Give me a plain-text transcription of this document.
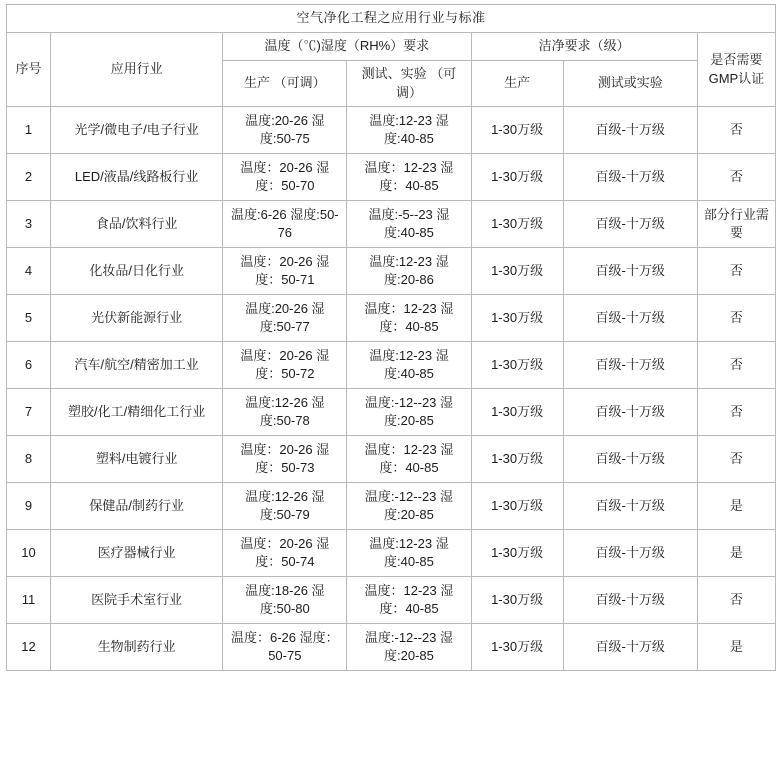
空气净化工程之应用行业与标准						
序号	应用行业	温度（℃)湿度（RH%）要求		洁净要求（级）		是否需要GMP认证
		生产 （可调）	测试、实验 （可调）	生产	测试或实验	
1	光学/微电子/电子行业	温度:20-26 湿度:50-75	温度:12-23 湿度:40-85	1-30万级	百级-十万级	否
2	LED/液晶/线路板行业	温度：20-26 湿度：50-70	温度：12-23 湿度：40-85	1-30万级	百级-十万级	否
3	食品/饮料行业	温度:6-26 湿度:50-76	温度:-5--23 湿度:40-85	1-30万级	百级-十万级	部分行业需要
4	化妆品/日化行业	温度：20-26 湿度：50-71	温度:12-23 湿度:20-86	1-30万级	百级-十万级	否
5	光伏新能源行业	温度:20-26 湿度:50-77	温度：12-23 湿度：40-85	1-30万级	百级-十万级	否
6	汽车/航空/精密加工业	温度：20-26 湿度：50-72	温度:12-23 湿度:40-85	1-30万级	百级-十万级	否
7	塑胶/化工/精细化工行业	温度:12-26 湿度:50-78	温度:-12--23 湿度:20-85	1-30万级	百级-十万级	否
8	塑料/电镀行业	温度：20-26 湿度：50-73	温度：12-23 湿度：40-85	1-30万级	百级-十万级	否
9	保健品/制药行业	温度:12-26 湿度:50-79	温度:-12--23 湿度:20-85	1-30万级	百级-十万级	是
10	医疗器械行业	温度：20-26 湿度：50-74	温度:12-23 湿度:40-85	1-30万级	百级-十万级	是
11	医院手术室行业	温度:18-26 湿度:50-80	温度：12-23 湿度：40-85	1-30万级	百级-十万级	否
12	生物制药行业	温度：6-26 湿度：50-75	温度:-12--23 湿度:20-85	1-30万级	百级-十万级	是
